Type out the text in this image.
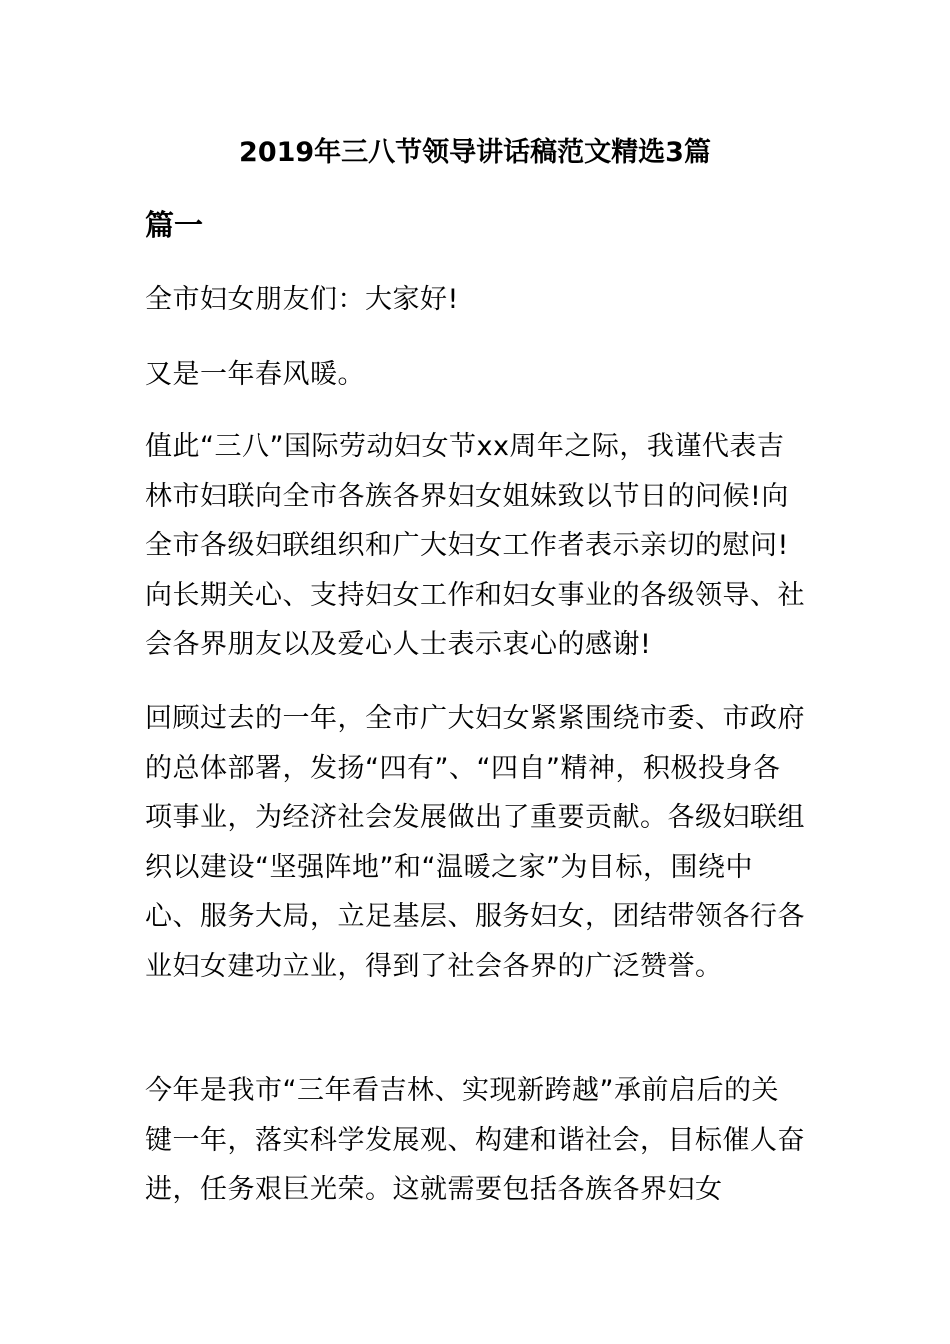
2019年三八节领导讲话稿范文精选3篇
篇一

全市妇女朋友们：大家好!

又是一年春风暖。

值此“三八”国际劳动妇女节xx周年之际，我谨代表吉林市妇联向全市各族各界妇女姐妹致以节日的问候!向全市各级妇联组织和广大妇女工作者表示亲切的慰问!向长期关心、支持妇女工作和妇女事业的各级领导、社会各界朋友以及爱心人士表示衷心的感谢!

回顾过去的一年，全市广大妇女紧紧围绕市委、市政府的总体部署，发扬“四有”、“四自”精神，积极投身各项事业，为经济社会发展做出了重要贡献。各级妇联组织以建设“坚强阵地”和“温暖之家”为目标，围绕中心、服务大局，立足基层、服务妇女，团结带领各行各业妇女建功立业，得到了社会各界的广泛赞誉。

今年是我市“三年看吉林、实现新跨越”承前启后的关键一年，落实科学发展观、构建和谐社会，目标催人奋进，任务艰巨光荣。这就需要包括各族各界妇女
